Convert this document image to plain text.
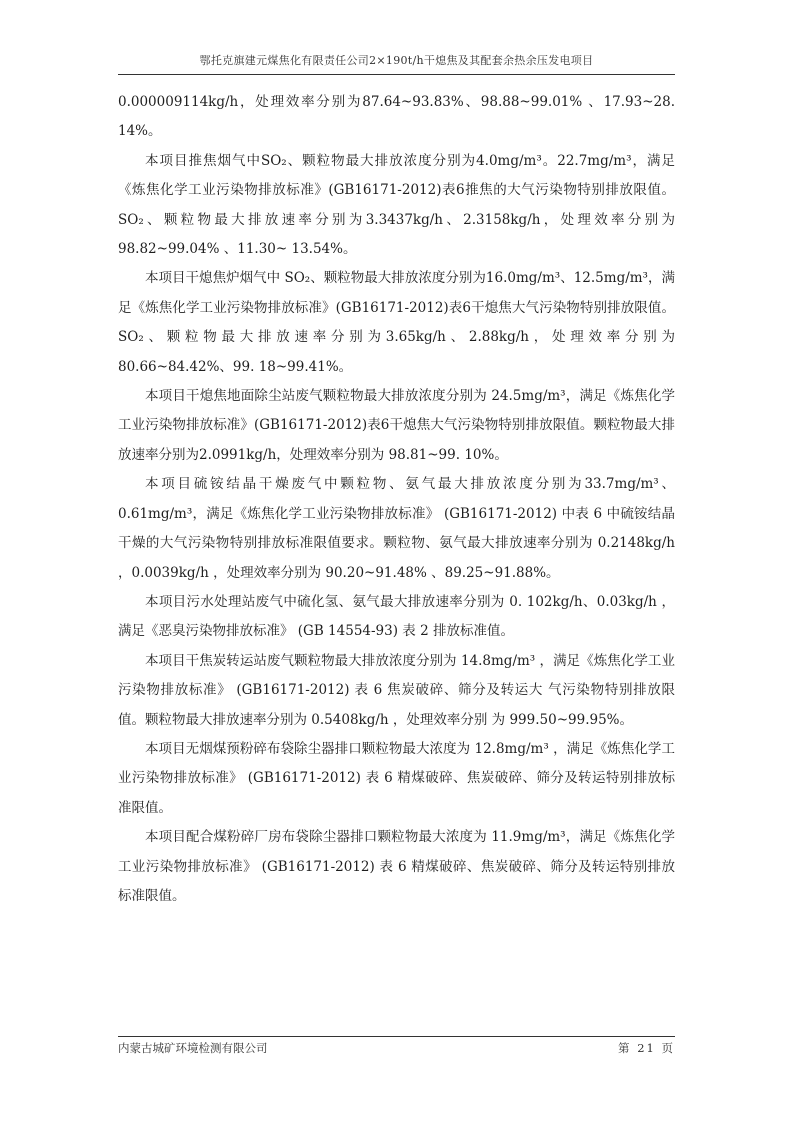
鄂托克旗建元煤焦化有限责任公司2×190t/h干熄焦及其配套余热余压发电项目

0.000009114kg/h，处理效率分别为87.64~93.83%、98.88~99.01% 、17.93~28. 14%。

本项目推焦烟气中SO₂、颗粒物最大排放浓度分别为4.0mg/m³。22.7mg/m³，满足《炼焦化学工业污染物排放标准》(GB16171-2012)表6推焦的大气污染物特别排放限值。SO₂、颗粒物最大排放速率分别为3.3437kg/h、2.3158kg/h，处理效率分别为 98.82~99.04% 、11.30~ 13.54%。

本项目干熄焦炉烟气中 SO₂、颗粒物最大排放浓度分别为16.0mg/m³、12.5mg/m³，满足《炼焦化学工业污染物排放标准》(GB16171-2012)表6干熄焦大气污染物特别排放限值。SO₂、颗粒物最大排放速率分别为3.65kg/h、2.88kg/h，处理效率分别为80.66~84.42%、99. 18~99.41%。

本项目干熄焦地面除尘站废气颗粒物最大排放浓度分别为 24.5mg/m³，满足《炼焦化学工业污染物排放标准》(GB16171-2012)表6干熄焦大气污染物特别排放限值。颗粒物最大排放速率分别为2.0991kg/h，处理效率分别为 98.81~99. 10%。

本项目硫铵结晶干燥废气中颗粒物、氨气最大排放浓度分别为33.7mg/m³、0.61mg/m³，满足《炼焦化学工业污染物排放标准》 (GB16171-2012) 中表 6 中硫铵结晶干燥的大气污染物特别排放标准限值要求。颗粒物、氨气最大排放速率分别为 0.2148kg/h ，0.0039kg/h ，处理效率分别为 90.20~91.48% 、89.25~91.88%。

本项目污水处理站废气中硫化氢、氨气最大排放速率分别为 0. 102kg/h、0.03kg/h ，满足《恶臭污染物排放标准》 (GB 14554-93) 表 2 排放标准值。

本项目干焦炭转运站废气颗粒物最大排放浓度分别为 14.8mg/m³ ，满足《炼焦化学工业污染物排放标准》 (GB16171-2012) 表 6 焦炭破碎、筛分及转运大 气污染物特别排放限值。颗粒物最大排放速率分别为 0.5408kg/h ，处理效率分别 为 999.50~99.95%。

本项目无烟煤预粉碎布袋除尘器排口颗粒物最大浓度为 12.8mg/m³ ，满足《炼焦化学工业污染物排放标准》 (GB16171-2012) 表 6 精煤破碎、焦炭破碎、筛分及转运特别排放标准限值。

本项目配合煤粉碎厂房布袋除尘器排口颗粒物最大浓度为 11.9mg/m³，满足《炼焦化学工业污染物排放标准》 (GB16171-2012) 表 6 精煤破碎、焦炭破碎、筛分及转运特别排放标准限值。

内蒙古城矿环境检测有限公司	第 21 页
